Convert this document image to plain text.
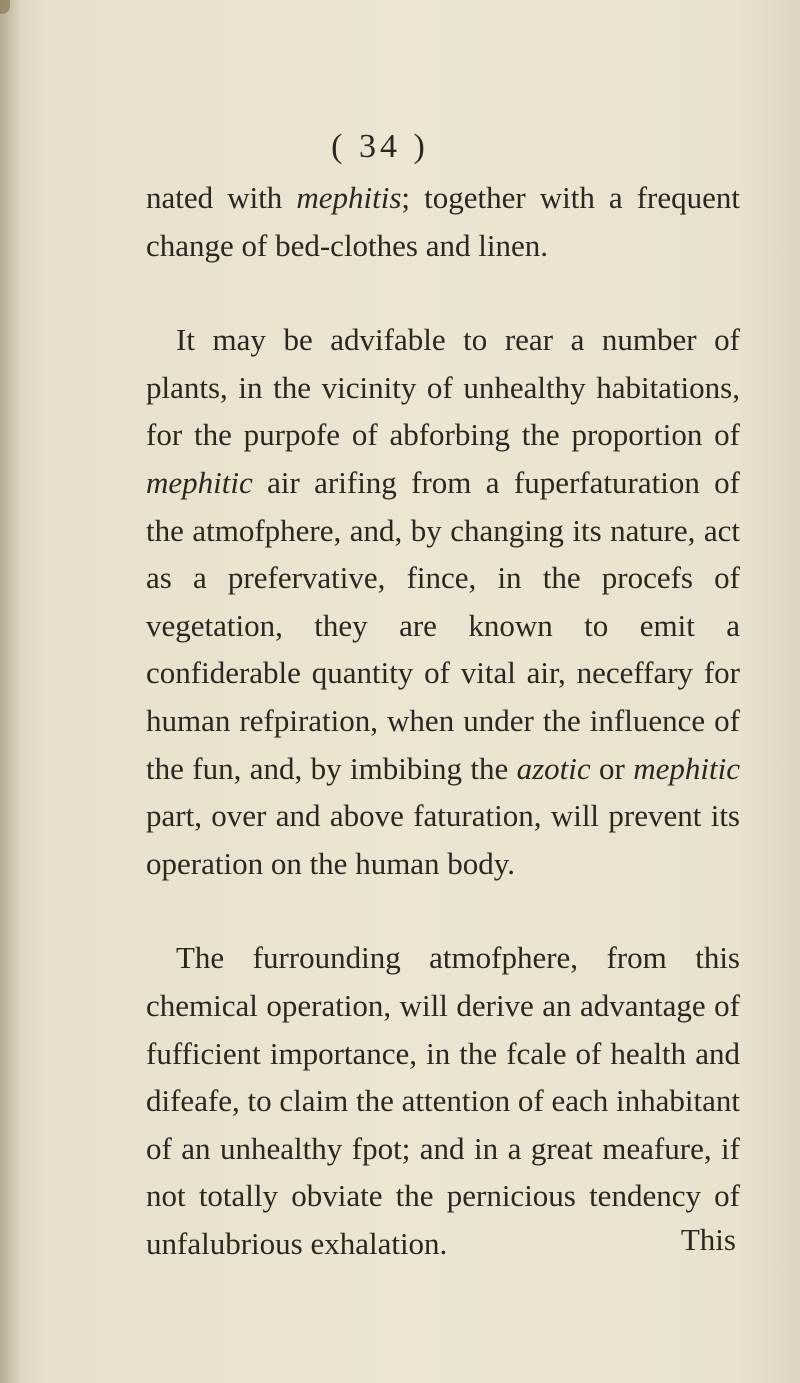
( 34 )

nated with mephitis; together with a frequent change of bed-clothes and linen.

It may be advifable to rear a number of plants, in the vicinity of unhealthy habitations, for the purpofe of abforbing the proportion of mephitic air arifing from a fuperfaturation of the atmofphere, and, by changing its nature, act as a prefervative, fince, in the procefs of vegetation, they are known to emit a confiderable quantity of vital air, neceffary for human refpiration, when under the influence of the fun, and, by imbibing the azotic or mephitic part, over and above faturation, will prevent its operation on the human body.

The furrounding atmofphere, from this chemical operation, will derive an advantage of fufficient importance, in the fcale of health and difeafe, to claim the attention of each inhabitant of an unhealthy fpot; and in a great meafure, if not totally obviate the pernicious tendency of unfalubrious exhalation.	This
